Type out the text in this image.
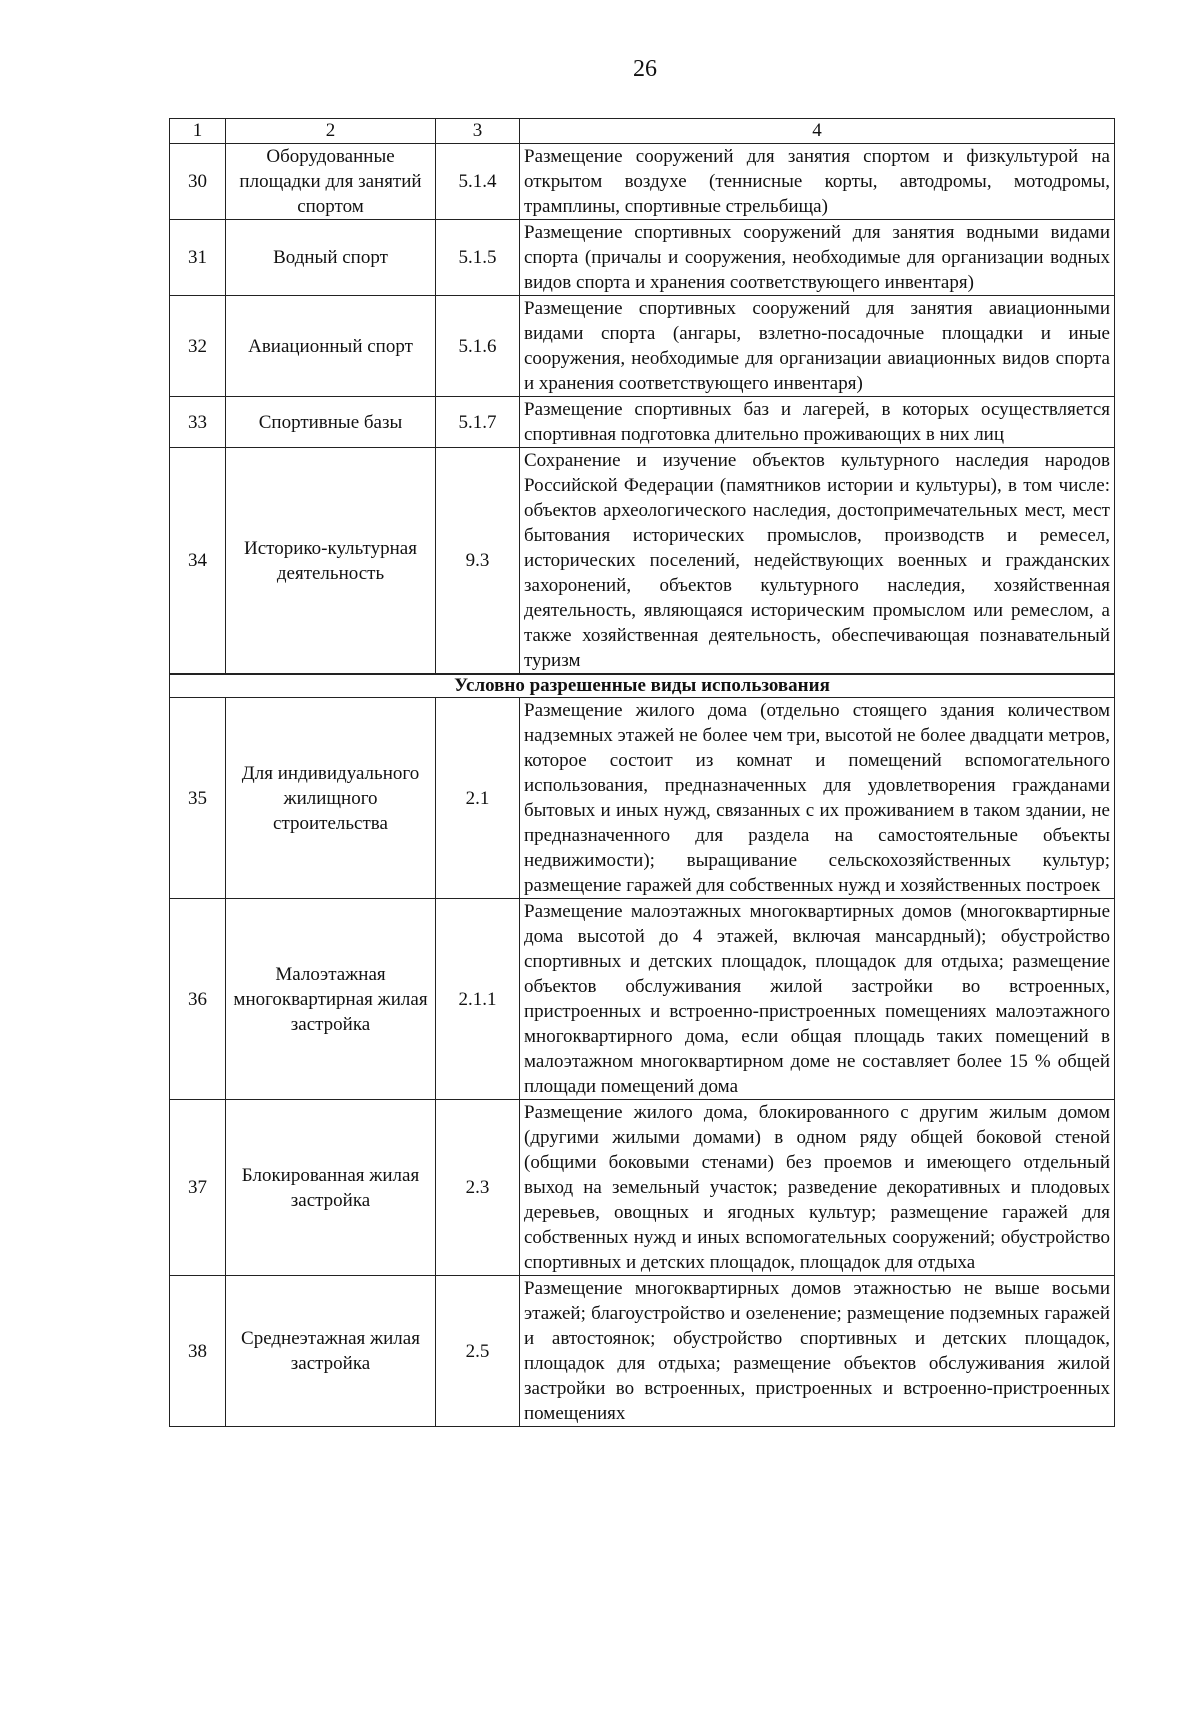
26
1	2	3	4
30	Оборудованные площадки для занятий спортом	5.1.4	Размещение сооружений для занятия спортом и физкультурой на открытом воздухе (теннисные корты, автодромы, мотодромы, трамплины, спортивные стрельбища)
31	Водный спорт	5.1.5	Размещение спортивных сооружений для занятия водными видами спорта (причалы и сооружения, необходимые для организации водных видов спорта и хранения соответствующего инвентаря)
32	Авиационный спорт	5.1.6	Размещение спортивных сооружений для занятия авиационными видами спорта (ангары, взлетно-посадочные площадки и иные сооружения, необходимые для организации авиационных видов спорта и хранения соответствующего инвентаря)
33	Спортивные базы	5.1.7	Размещение спортивных баз и лагерей, в которых осуществляется спортивная подготовка длительно проживающих в них лиц
34	Историко-культурная деятельность	9.3	Сохранение и изучение объектов культурного наследия народов Российской Федерации (памятников истории и культуры), в том числе: объектов археологического наследия, достопримечательных мест, мест бытования исторических промыслов, производств и ремесел, исторических поселений, недействующих военных и гражданских захоронений, объектов культурного наследия, хозяйственная деятельность, являющаяся историческим промыслом или ремеслом, а также хозяйственная деятельность, обеспечивающая познавательный туризм
Условно разрешенные виды использования			
35	Для индивидуального жилищного строительства	2.1	Размещение жилого дома (отдельно стоящего здания количеством надземных этажей не более чем три, высотой не более двадцати метров, которое состоит из комнат и помещений вспомогательного использования, предназначенных для удовлетворения гражданами бытовых и иных нужд, связанных с их проживанием в таком здании, не предназначенного для раздела на самостоятельные объекты недвижимости); выращивание сельскохозяйственных культур; размещение гаражей для собственных нужд и хозяйственных построек
36	Малоэтажная многоквартирная жилая застройка	2.1.1	Размещение малоэтажных многоквартирных домов (многоквартирные дома высотой до 4 этажей, включая мансардный); обустройство спортивных и детских площадок, площадок для отдыха; размещение объектов обслуживания жилой застройки во встроенных, пристроенных и встроенно-пристроенных помещениях малоэтажного многоквартирного дома, если общая площадь таких помещений в малоэтажном многоквартирном доме не составляет более 15 % общей площади помещений дома
37	Блокированная жилая застройка	2.3	Размещение жилого дома, блокированного с другим жилым домом (другими жилыми домами) в одном ряду общей боковой стеной (общими боковыми стенами) без проемов и имеющего отдельный выход на земельный участок; разведение декоративных и плодовых деревьев, овощных и ягодных культур; размещение гаражей для собственных нужд и иных вспомогательных сооружений; обустройство спортивных и детских площадок, площадок для отдыха
38	Среднеэтажная жилая застройка	2.5	Размещение многоквартирных домов этажностью не выше восьми этажей; благоустройство и озеленение; размещение подземных гаражей и автостоянок; обустройство спортивных и детских площадок, площадок для отдыха; размещение объектов обслуживания жилой застройки во встроенных, пристроенных и встроенно-пристроенных помещениях
